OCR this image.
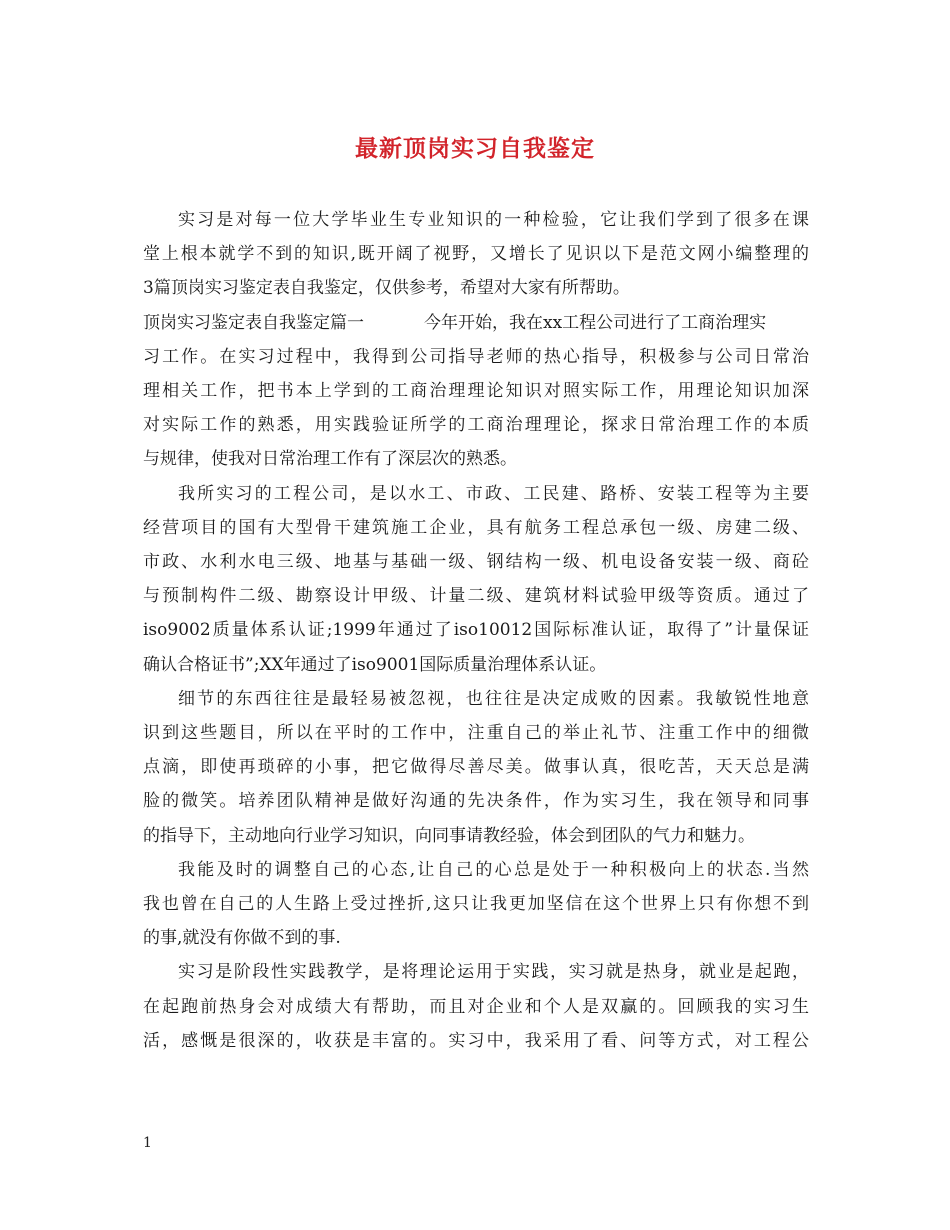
最新顶岗实习自我鉴定
实习是对每一位大学毕业生专业知识的一种检验，它让我们学到了很多在课
堂上根本就学不到的知识,既开阔了视野，又增长了见识以下是范文网小编整理的
3篇顶岗实习鉴定表自我鉴定，仅供参考，希望对大家有所帮助。
顶岗实习鉴定表自我鉴定篇一	今年开始，我在xx工程公司进行了工商治理实
习工作。在实习过程中，我得到公司指导老师的热心指导，积极参与公司日常治
理相关工作，把书本上学到的工商治理理论知识对照实际工作，用理论知识加深
对实际工作的熟悉，用实践验证所学的工商治理理论，探求日常治理工作的本质
与规律，使我对日常治理工作有了深层次的熟悉。
我所实习的工程公司，是以水工、市政、工民建、路桥、安装工程等为主要
经营项目的国有大型骨干建筑施工企业，具有航务工程总承包一级、房建二级、
市政、水利水电三级、地基与基础一级、钢结构一级、机电设备安装一级、商砼
与预制构件二级、勘察设计甲级、计量二级、建筑材料试验甲级等资质。通过了
iso9002质量体系认证;1999年通过了iso10012国际标准认证，取得了”计量保证
确认合格证书”;XX年通过了iso9001国际质量治理体系认证。
细节的东西往往是最轻易被忽视，也往往是决定成败的因素。我敏锐性地意
识到这些题目，所以在平时的工作中，注重自己的举止礼节、注重工作中的细微
点滴，即使再琐碎的小事，把它做得尽善尽美。做事认真，很吃苦，天天总是满
脸的微笑。培养团队精神是做好沟通的先决条件，作为实习生，我在领导和同事
的指导下，主动地向行业学习知识，向同事请教经验，体会到团队的气力和魅力。
我能及时的调整自己的心态,让自己的心总是处于一种积极向上的状态.当然
我也曾在自己的人生路上受过挫折,这只让我更加坚信在这个世界上只有你想不到
的事,就没有你做不到的事.
实习是阶段性实践教学，是将理论运用于实践，实习就是热身，就业是起跑，
在起跑前热身会对成绩大有帮助，而且对企业和个人是双赢的。回顾我的实习生
活，感慨是很深的，收获是丰富的。实习中，我采用了看、问等方式，对工程公
1
